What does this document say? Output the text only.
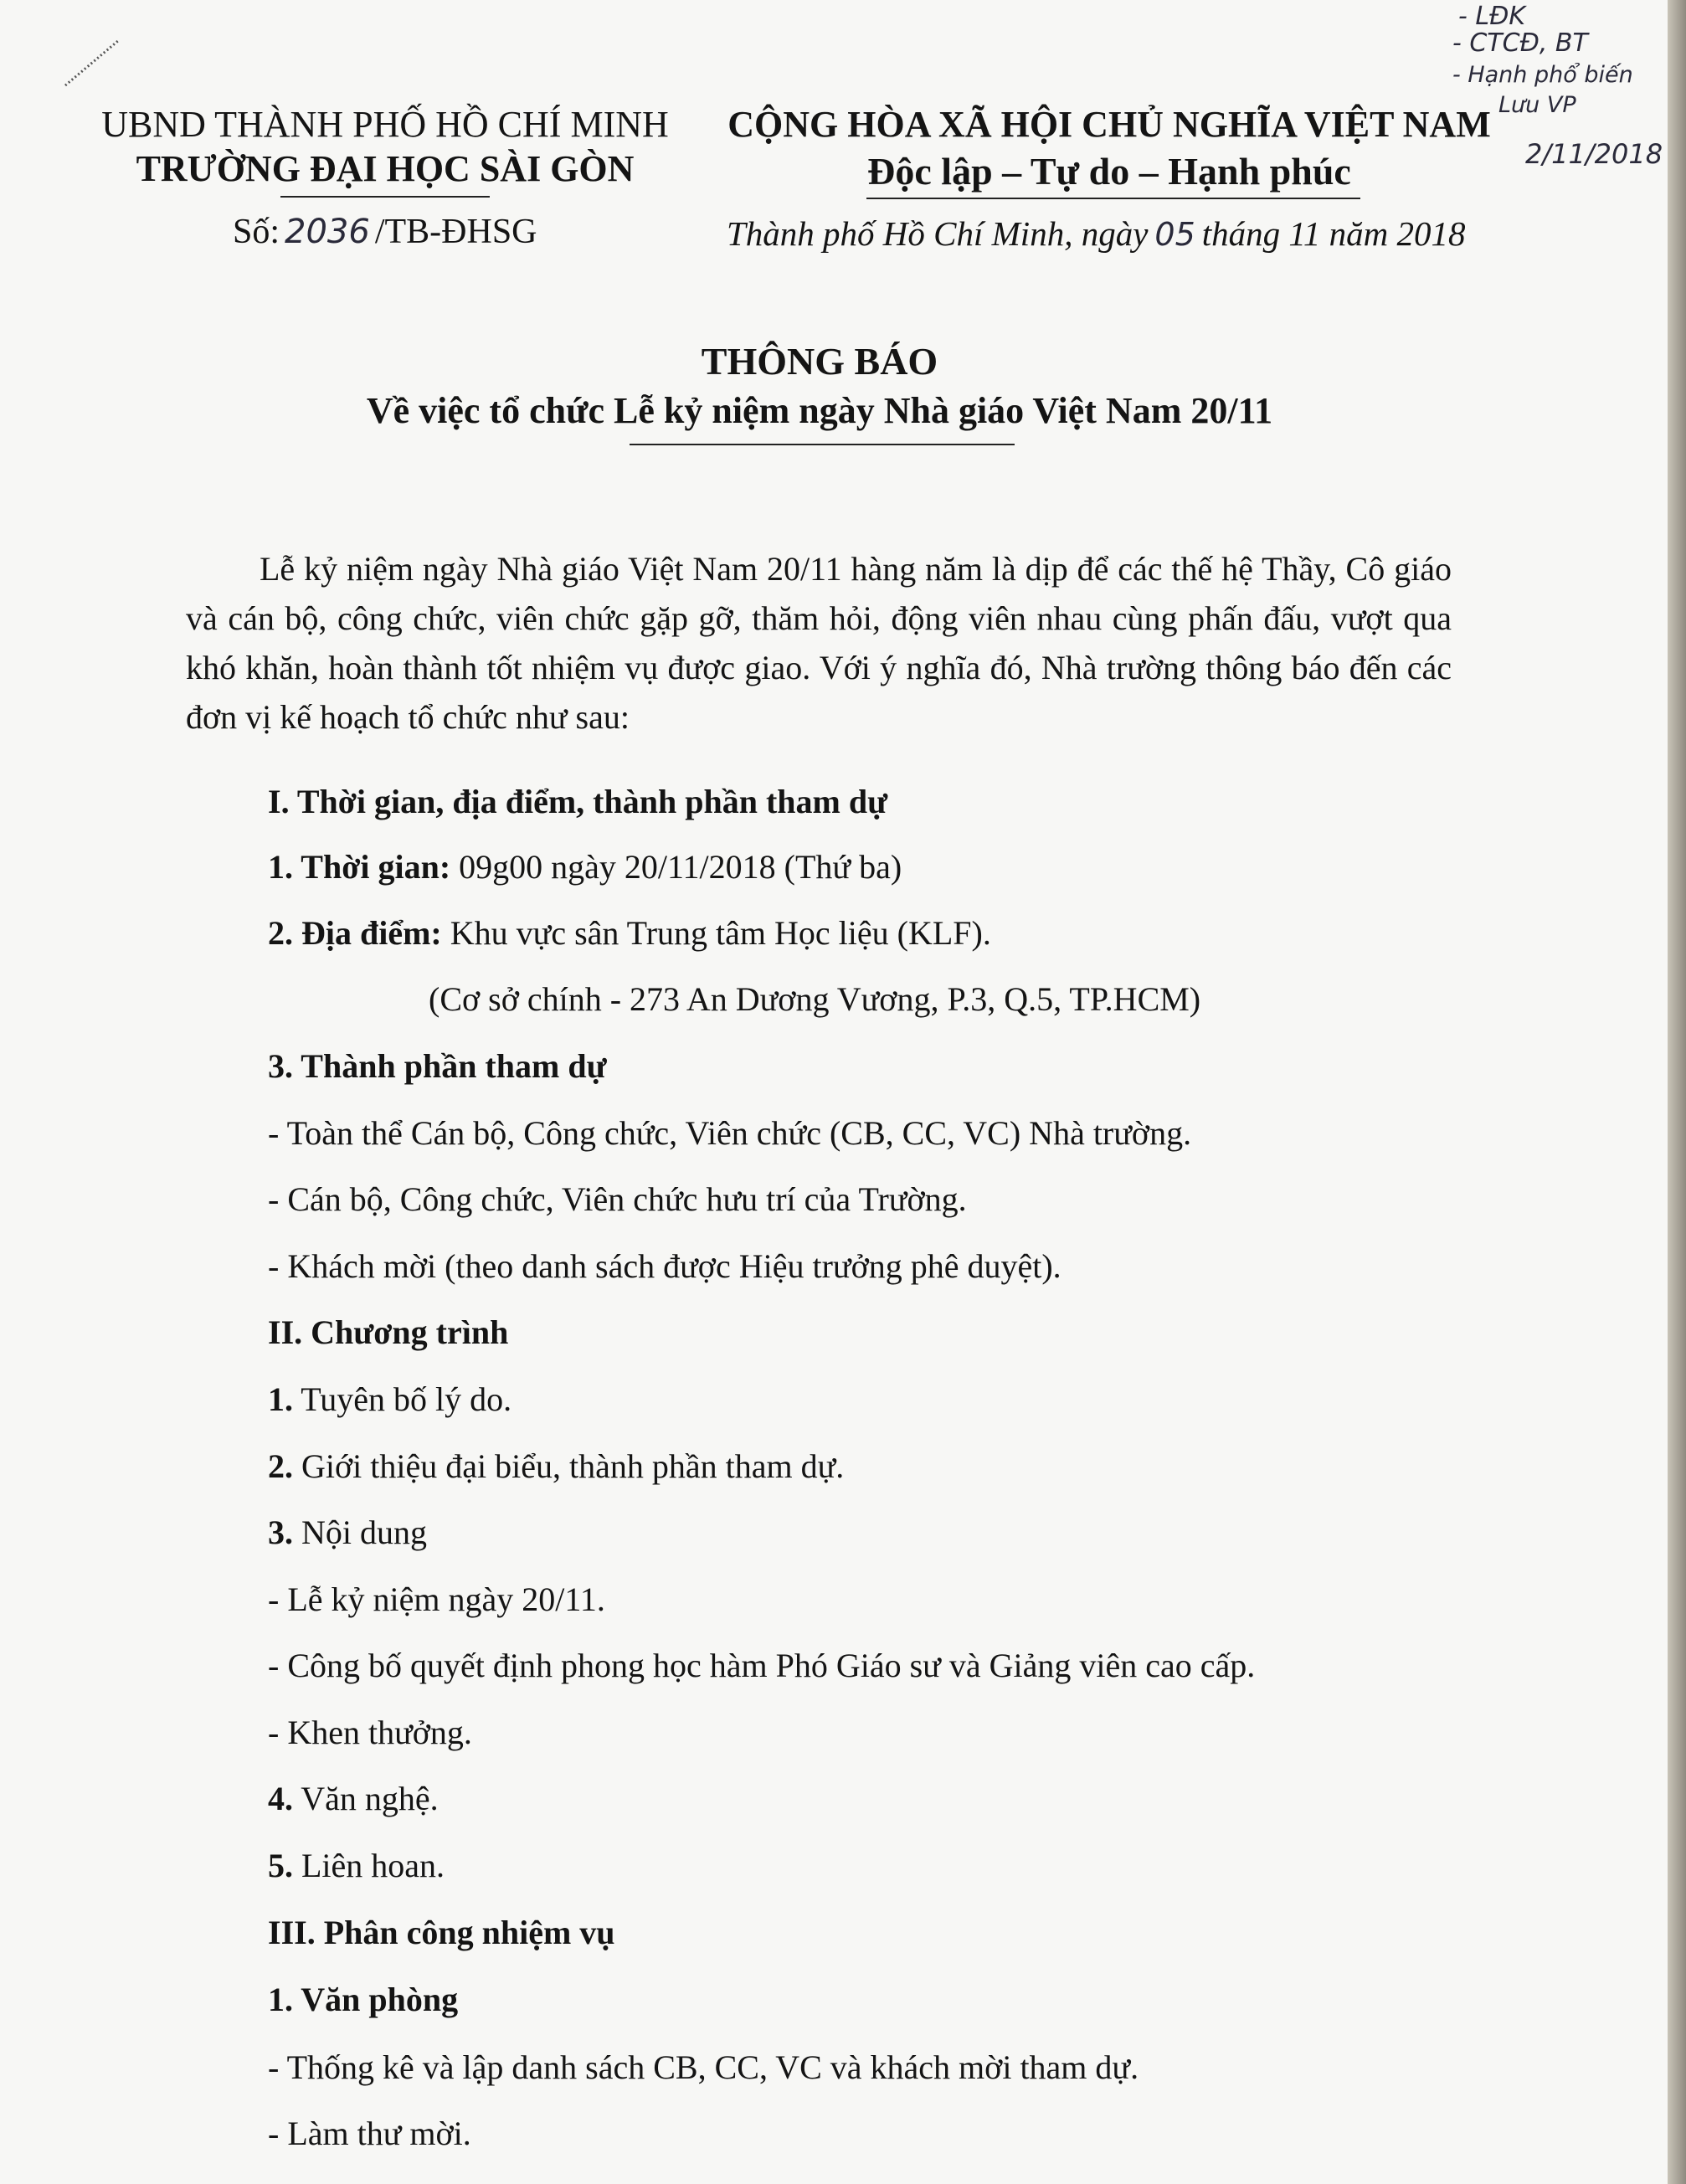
UBND THÀNH PHỐ HỒ CHÍ MINH
TRƯỜNG ĐẠI HỌC SÀI GÒN
Số: 2036 /TB-ĐHSG
CỘNG HÒA XÃ HỘI CHỦ NGHĨA VIỆT NAM
Độc lập – Tự do – Hạnh phúc
Thành phố Hồ Chí Minh, ngày 05 tháng 11 năm 2018
- LĐK
- CTCĐ, BT
- Hạnh phổ biến
Lưu VP
2/11/2018
THÔNG BÁO
Về việc tổ chức Lễ kỷ niệm ngày Nhà giáo Việt Nam 20/11
Lễ kỷ niệm ngày Nhà giáo Việt Nam 20/11 hàng năm là dịp để các thế hệ Thầy, Cô giáo và cán bộ, công chức, viên chức gặp gỡ, thăm hỏi, động viên nhau cùng phấn đấu, vượt qua khó khăn, hoàn thành tốt nhiệm vụ được giao. Với ý nghĩa đó, Nhà trường thông báo đến các đơn vị kế hoạch tổ chức như sau:
I. Thời gian, địa điểm, thành phần tham dự
1. Thời gian: 09g00 ngày 20/11/2018 (Thứ ba)
2. Địa điểm: Khu vực sân Trung tâm Học liệu (KLF).
(Cơ sở chính - 273 An Dương Vương, P.3, Q.5, TP.HCM)
3. Thành phần tham dự
- Toàn thể Cán bộ, Công chức, Viên chức (CB, CC, VC) Nhà trường.
- Cán bộ, Công chức, Viên chức hưu trí của Trường.
- Khách mời (theo danh sách được Hiệu trưởng phê duyệt).
II. Chương trình
1. Tuyên bố lý do.
2. Giới thiệu đại biểu, thành phần tham dự.
3. Nội dung
- Lễ kỷ niệm ngày 20/11.
- Công bố quyết định phong học hàm Phó Giáo sư và Giảng viên cao cấp.
- Khen thưởng.
4. Văn nghệ.
5. Liên hoan.
III. Phân công nhiệm vụ
1. Văn phòng
- Thống kê và lập danh sách CB, CC, VC và khách mời tham dự.
- Làm thư mời.
